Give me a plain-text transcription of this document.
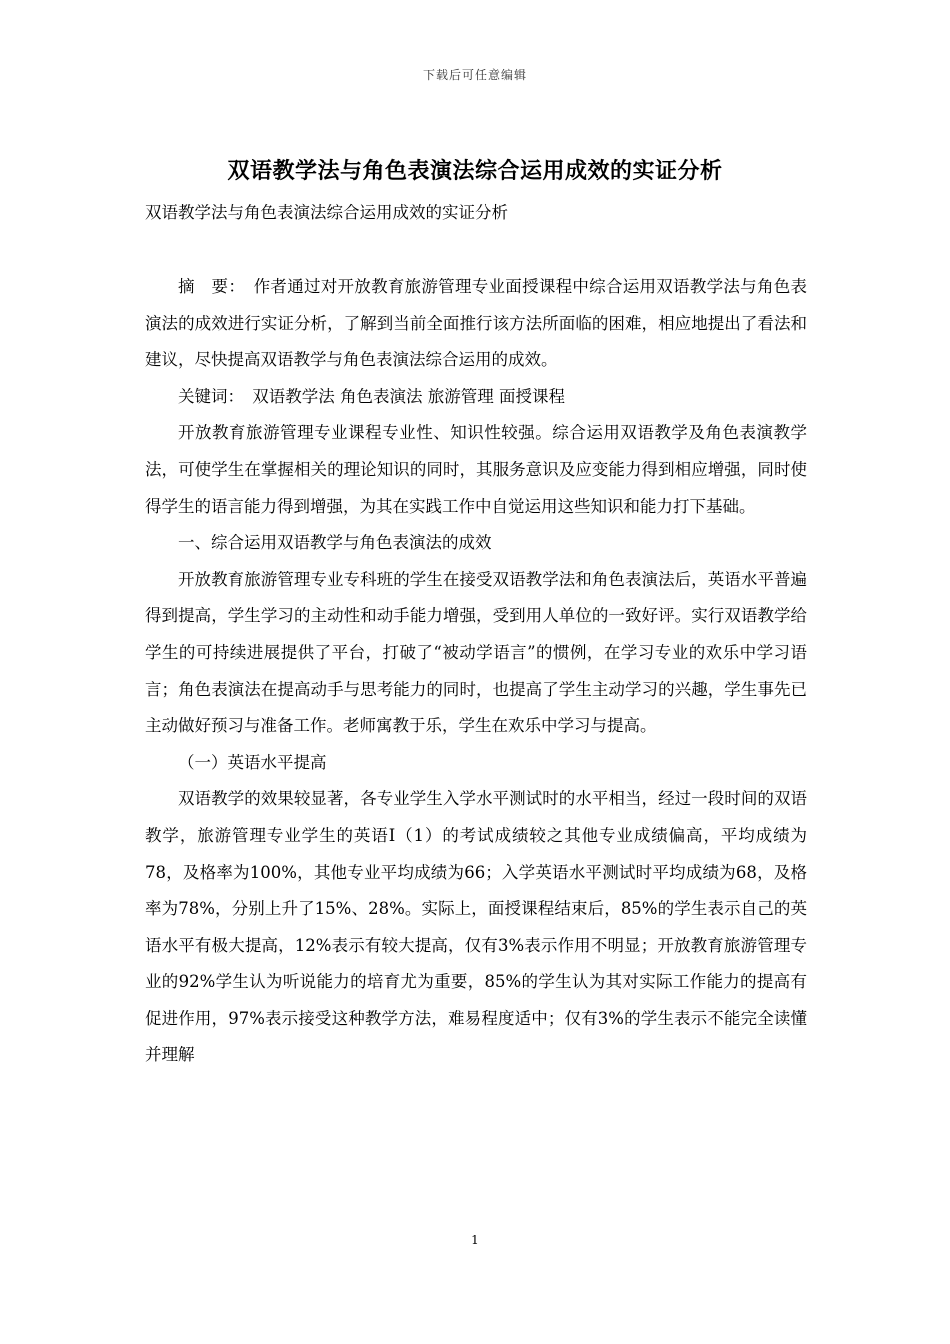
下载后可任意编辑
双语教学法与角色表演法综合运用成效的实证分析
双语教学法与角色表演法综合运用成效的实证分析

摘　要：　作者通过对开放教育旅游管理专业面授课程中综合运用双语教学法与角色表演法的成效进行实证分析，了解到当前全面推行该方法所面临的困难，相应地提出了看法和建议，尽快提高双语教学与角色表演法综合运用的成效。

关键词：　双语教学法 角色表演法 旅游管理 面授课程

开放教育旅游管理专业课程专业性、知识性较强。综合运用双语教学及角色表演教学法，可使学生在掌握相关的理论知识的同时，其服务意识及应变能力得到相应增强，同时使得学生的语言能力得到增强，为其在实践工作中自觉运用这些知识和能力打下基础。

一、综合运用双语教学与角色表演法的成效

开放教育旅游管理专业专科班的学生在接受双语教学法和角色表演法后，英语水平普遍得到提高，学生学习的主动性和动手能力增强，受到用人单位的一致好评。实行双语教学给学生的可持续进展提供了平台，打破了“被动学语言”的惯例，在学习专业的欢乐中学习语言；角色表演法在提高动手与思考能力的同时，也提高了学生主动学习的兴趣，学生事先已主动做好预习与准备工作。老师寓教于乐，学生在欢乐中学习与提高。

（一）英语水平提高

双语教学的效果较显著，各专业学生入学水平测试时的水平相当，经过一段时间的双语教学，旅游管理专业学生的英语Ⅰ（1）的考试成绩较之其他专业成绩偏高，平均成绩为78，及格率为100%，其他专业平均成绩为66；入学英语水平测试时平均成绩为68，及格率为78%，分别上升了15%、28%。实际上，面授课程结束后，85%的学生表示自己的英语水平有极大提高，12%表示有较大提高，仅有3%表示作用不明显；开放教育旅游管理专业的92%学生认为听说能力的培育尤为重要，85%的学生认为其对实际工作能力的提高有促进作用，97%表示接受这种教学方法，难易程度适中；仅有3%的学生表示不能完全读懂并理解

1
